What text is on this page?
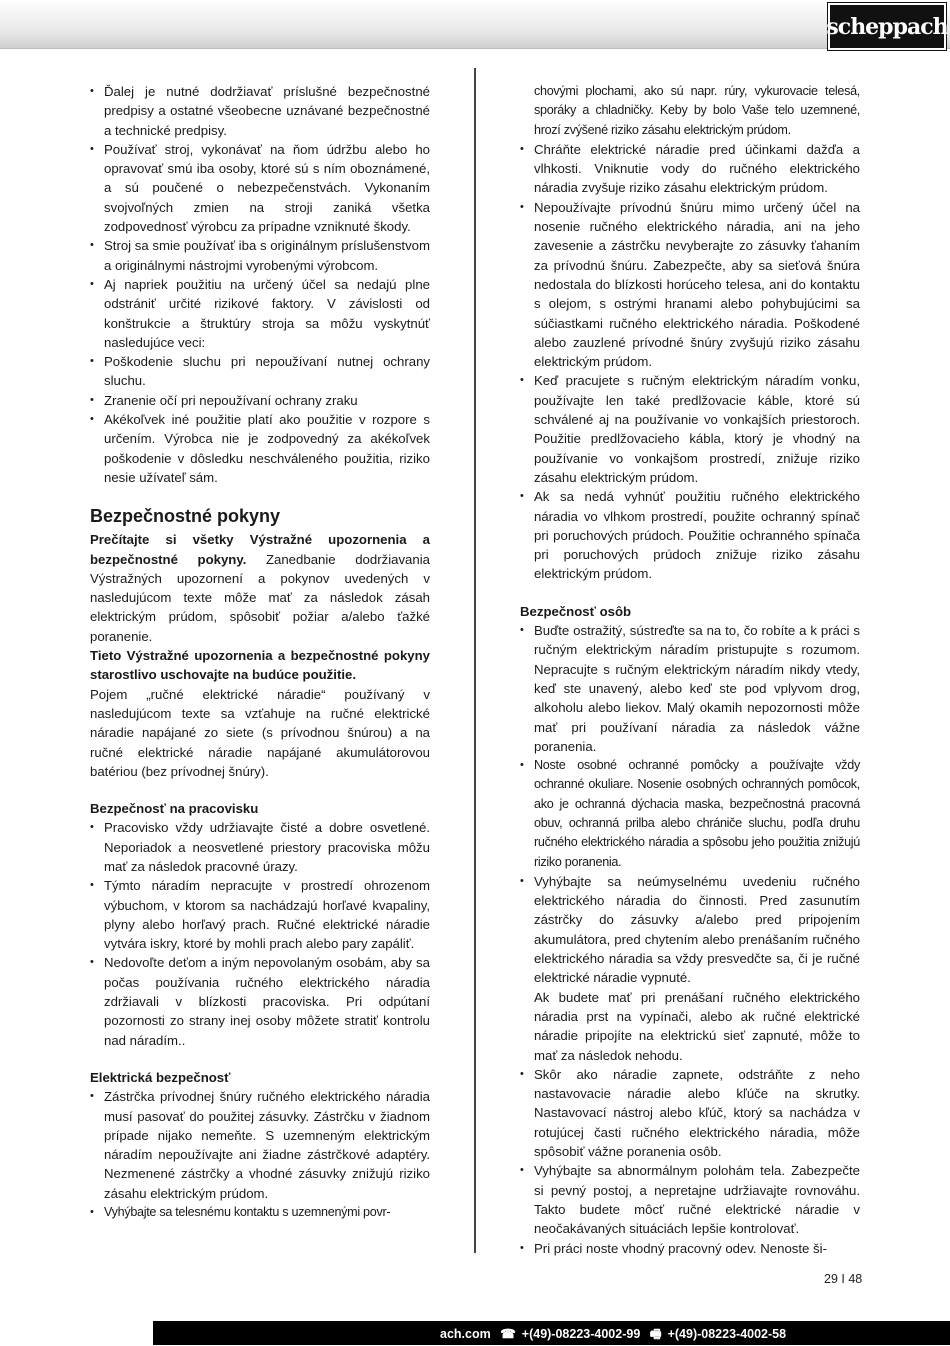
scheppach
• Ďalej je nutné dodržiavať príslušné bezpečnostné predpisy a ostatné všeobecne uznávané bezpečnostné a technické predpisy.
• Používať stroj, vykonávať na ňom údržbu alebo ho opravovať smú iba osoby, ktoré sú s ním oboznámené, a sú poučené o nebezpečenstvách. Vykonaním svojvoľných zmien na stroji zaniká všetka zodpovednosť výrobcu za prípadne vzniknuté škody.
• Stroj sa smie používať iba s originálnym príslušenstvom a originálnymi nástrojmi vyrobenými výrobcom.
• Aj napriek použitiu na určený účel sa nedajú plne odstrániť určité rizikové faktory. V závislosti od konštrukcie a štruktúry stroja sa môžu vyskytnúť nasledujúce veci:
• Poškodenie sluchu pri nepoužívaní nutnej ochrany sluchu.
• Zranenie očí pri nepoužívaní ochrany zraku
• Akékoľvek iné použitie platí ako použitie v rozpore s určením. Výrobca nie je zodpovedný za akékoľvek poškodenie v dôsledku neschváleného použitia, riziko nesie užívateľ sám.
Bezpečnostné pokyny

Prečítajte si všetky Výstražné upozornenia a bezpečnostné pokyny. Zanedbanie dodržiavania Výstražných upozornení a pokynov uvedených v nasledujúcom texte môže mať za následok zásah elektrickým prúdom, spôsobiť požiar a/alebo ťažké poranenie.

Tieto Výstražné upozornenia a bezpečnostné pokyny starostlivo uschovajte na budúce použitie.

Pojem „ručné elektrické náradie“ používaný v nasledujúcom texte sa vzťahuje na ručné elektrické náradie napájané zo siete (s prívodnou šnúrou) a na ručné elektrické náradie napájané akumulátorovou batériou (bez prívodnej šnúry).

Bezpečnosť na pracovisku
• Pracovisko vždy udržiavajte čisté a dobre osvetlené. Neporiadok a neosvetlené priestory pracoviska môžu mať za následok pracovné úrazy.
• Týmto náradím nepracujte v prostredí ohrozenom výbuchom, v ktorom sa nachádzajú horľavé kvapaliny, plyny alebo horľavý prach. Ručné elektrické náradie vytvára iskry, ktoré by mohli prach alebo pary zapáliť.
• Nedovoľte deťom a iným nepovolaným osobám, aby sa počas používania ručného elektrického náradia zdržiavali v blízkosti pracoviska. Pri odpútaní pozornosti zo strany inej osoby môžete stratiť kontrolu nad náradím..
Elektrická bezpečnosť
• Zástrčka prívodnej šnúry ručného elektrického náradia musí pasovať do použitej zásuvky. Zástrčku v žiadnom prípade nijako nemeňte. S uzemneným elektrickým náradím nepoužívajte ani žiadne zástrčkové adaptéry. Nezmenené zástrčky a vhodné zásuvky znižujú riziko zásahu elektrickým prúdom.
• Vyhýbajte sa telesnému kontaktu s uzemnenými povr-
chovými plochami, ako sú napr. rúry, vykurovacie telesá, sporáky a chladničky. Keby by bolo Vaše telo uzemnené, hrozí zvýšené riziko zásahu elektrickým prúdom.
• Chráňte elektrické náradie pred účinkami dažďa a vlhkosti. Vniknutie vody do ručného elektrického náradia zvyšuje riziko zásahu elektrickým prúdom.
• Nepoužívajte prívodnú šnúru mimo určený účel na nosenie ručného elektrického náradia, ani na jeho zavesenie a zástrčku nevyberajte zo zásuvky ťahaním za prívodnú šnúru. Zabezpečte, aby sa sieťová šnúra nedostala do blízkosti horúceho telesa, ani do kontaktu s olejom, s ostrými hranami alebo pohybujúcimi sa súčiastkami ručného elektrického náradia. Poškodené alebo zauzlené prívodné šnúry zvyšujú riziko zásahu elektrickým prúdom.
• Keď pracujete s ručným elektrickým náradím vonku, používajte len také predlžovacie káble, ktoré sú schválené aj na používanie vo vonkajších priestoroch. Použitie predlžovacieho kábla, ktorý je vhodný na používanie vo vonkajšom prostredí, znižuje riziko zásahu elektrickým prúdom.
• Ak sa nedá vyhnúť použitiu ručného elektrického náradia vo vlhkom prostredí, použite ochranný spínač pri poruchových prúdoch. Použitie ochranného spínača pri poruchových prúdoch znižuje riziko zásahu elektrickým prúdom.
Bezpečnosť osôb
• Buďte ostražitý, sústreďte sa na to, čo robíte a k práci s ručným elektrickým náradím pristupujte s rozumom. Nepracujte s ručným elektrickým náradím nikdy vtedy, keď ste unavený, alebo keď ste pod vplyvom drog, alkoholu alebo liekov. Malý okamih nepozornosti môže mať pri používaní náradia za následok vážne poranenia.
• Noste osobné ochranné pomôcky a používajte vždy ochranné okuliare. Nosenie osobných ochranných pomôcok, ako je ochranná dýchacia maska, bezpečnostná pracovná obuv, ochranná prilba alebo chrániče sluchu, podľa druhu ručného elektrického náradia a spôsobu jeho použitia znižujú riziko poranenia.
• Vyhýbajte sa neúmyselnému uvedeniu ručného elektrického náradia do činnosti. Pred zasunutím zástrčky do zásuvky a/alebo pred pripojením akumulátora, pred chytením alebo prenášaním ručného elektrického náradia sa vždy presvedčte sa, či je ručné elektrické náradie vypnuté.
Ak budete mať pri prenášaní ručného elektrického náradia prst na vypínači, alebo ak ručné elektrické náradie pripojíte na elektrickú sieť zapnuté, môže to mať za následok nehodu.
• Skôr ako náradie zapnete, odstráňte z neho nastavovacie náradie alebo kľúče na skrutky. Nastavovací nástroj alebo kľúč, ktorý sa nachádza v rotujúcej časti ručného elektrického náradia, môže spôsobiť vážne poranenia osôb.
• Vyhýbajte sa abnormálnym polohám tela. Zabezpečte si pevný postoj, a nepretajne udržiavajte rovnováhu. Takto budete môcť ručné elektrické náradie v neočakávaných situáciách lepšie kontrolovať.
• Pri práci noste vhodný pracovný odev. Nenoste ši-
29 I 48
ach.com ☎ +(49)-08223-4002-99 🖷 +(49)-08223-4002-58
